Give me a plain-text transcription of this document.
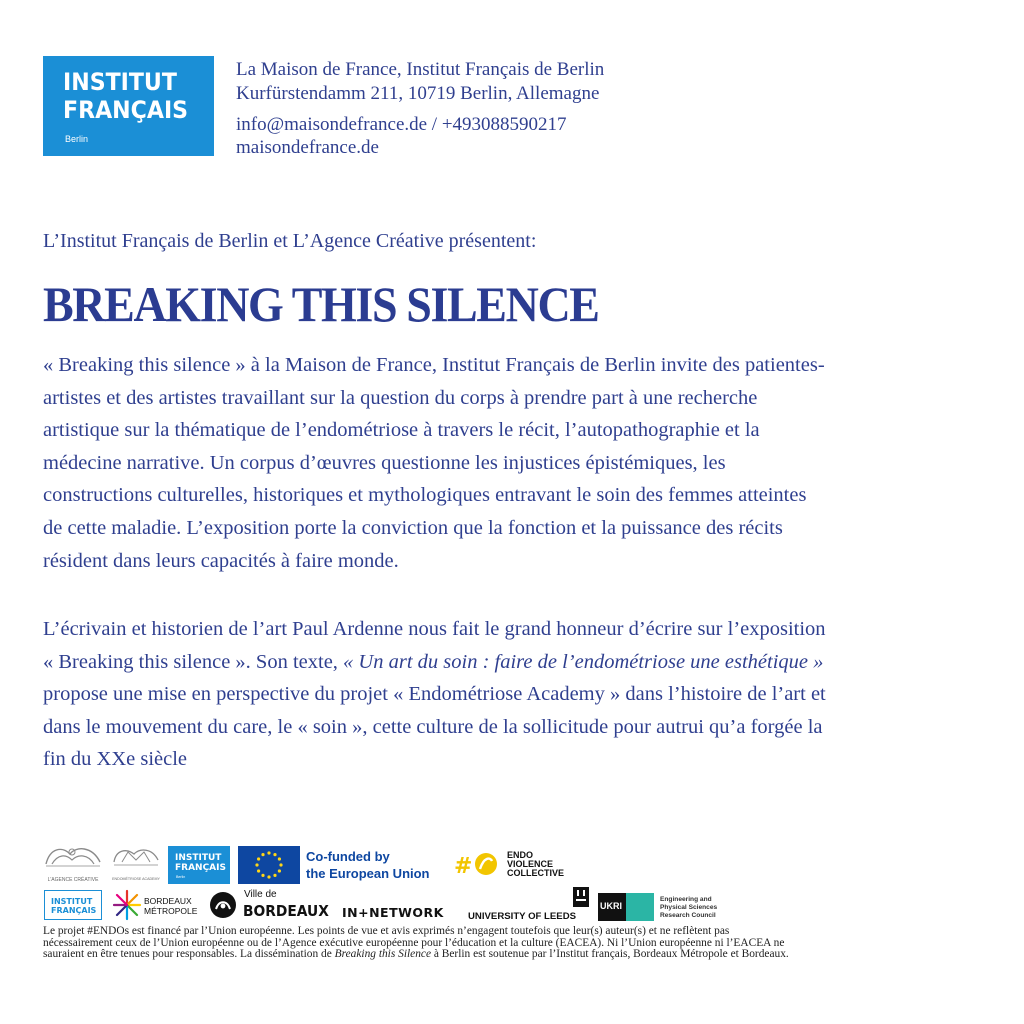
INSTITUT
FRANÇAIS
Berlin
La Maison de France, Institut Français de Berlin
Kurfürstendamm 211, 10719 Berlin, Allemagne
info@maisondefrance.de / +493088590217
maisondefrance.de
L’Institut Français de Berlin et L’Agence Créative présentent:
BREAKING THIS SILENCE

« Breaking this silence » à la Maison de France, Institut Français de Berlin invite des patientes-
artistes et des artistes travaillant sur la question du corps à prendre part à une recherche
artistique sur la thématique de l’endométriose à travers le récit, l’autopathographie et la
médecine narrative. Un corpus d’œuvres questionne les injustices épistémiques, les
constructions culturelles, historiques et mythologiques entravant le soin des femmes atteintes
de cette maladie. L’exposition porte la conviction que la fonction et la puissance des récits
résident dans leurs capacités à faire monde.

L’écrivain et historien de l’art Paul Ardenne nous fait le grand honneur d’écrire sur l’exposition
« Breaking this silence ». Son texte, « Un art du soin : faire de l’endométriose une esthétique »
propose une mise en perspective du projet « Endométriose Academy » dans l’histoire de l’art et
dans le mouvement du care, le « soin », cette culture de la sollicitude pour autrui qu’a forgée la
fin du XXe siècle

L'AGENCE CRÉATIVE	ENDOMÉTRIOSE ACADEMY
INSTITUT
FRANÇAIS
Berlin
Co-funded by
the European Union #	ENDO
VIOLENCE
COLLECTIVE
INSTITUT
FRANÇAIS
BORDEAUX
MÉTROPOLE
Ville de
BORDEAUX IN+NETWORK	UNIVERSITY OF LEEDS
UKRI
Engineering and
Physical Sciences
Research Council
Le projet #ENDOs est financé par l’Union européenne. Les points de vue et avis exprimés n’engagent toutefois que leur(s) auteur(s) et ne reflètent pas
nécessairement ceux de l’Union européenne ou de l’Agence exécutive européenne pour l’éducation et la culture (EACEA). Ni l’Union européenne ni l’EACEA ne
sauraient en être tenues pour responsables. La dissémination de Breaking this Silence à Berlin est soutenue par l’Institut français, Bordeaux Métropole et Bordeaux.
